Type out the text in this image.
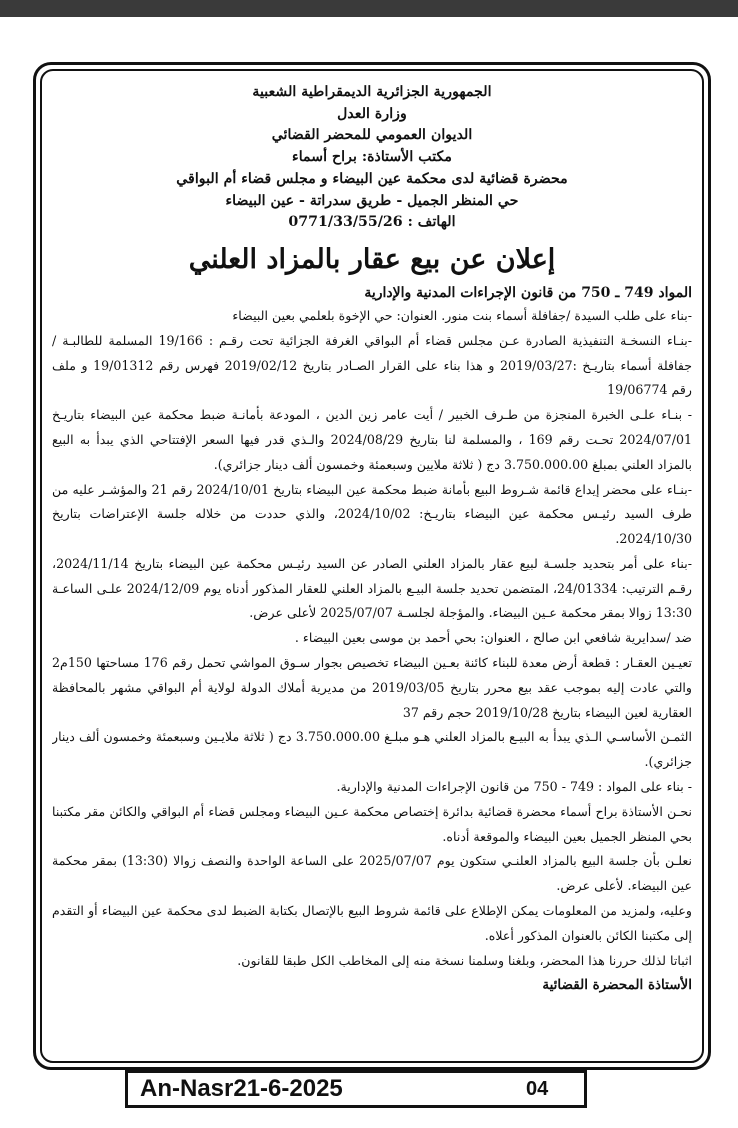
الجمهورية الجزائرية الديمقراطية الشعبية
وزارة العدل
الديوان العمومي للمحضر القضائي
مكتب الأستاذة: براح أسماء
محضرة قضائية لدى محكمة عين البيضاء و مجلس قضاء أم البواقي
حي المنظر الجميل - طريق سدراتة - عين البيضاء
الهاتف : 0771/33/55/26
إعلان عن بيع عقار بالمزاد العلني
المواد 749 ـ 750 من قانون الإجراءات المدنية والإدارية

-بناء على طلب السيدة /جفافلة أسماء بنت منور. العنوان: حي الإخوة بلعلمي بعين البيضاء

-بنـاء النسخـة التنفيذية الصادرة عـن مجلس قضاء أم البواقي الغرفة الجزائية تحت رقـم : 19/166 المسلمة للطالبـة / جفافلة أسماء بتاريـخ :2019/03/27 و هذا بناء على القرار الصـادر بتاريخ 2019/02/12 فهرس رقم 19/01312 و ملف رقم 19/06774

- بنـاء علـى الخبرة المنجزة من طـرف الخبير / أيت عامر زين الدين ، المودعة بأمانـة ضبط محكمة عين البيضاء بتاريـخ 2024/07/01 تحـت رقم 169 ، والمسلمة لنا بتاريخ 2024/08/29 والـذي قدر فيها السعر الإفتتاحي الذي يبدأ به البيع بالمزاد العلني بمبلغ 3.750.000.00 دج ( ثلاثة ملايين وسبعمئة وخمسون ألف دينار جزائري).

-بنـاء على محضر إيداع قائمة شـروط البيع بأمانة ضبط محكمة عين البيضاء بتاريخ 2024/10/01 رقم 21 والمؤشـر عليه من طرف السيد رئيـس محكمة عين البيضاء بتاريـخ: 2024/10/02، والذي حددت من خلاله جلسة الإعتراضات بتاريخ 2024/10/30.

-بناء على أمر بتحديد جلسـة لبيع عقار بالمزاد العلني الصادر عن السيد رئيـس محكمة عين البيضاء بتاريخ 2024/11/14، رقـم الترتيب: 24/01334، المتضمن تحديد جلسة البيـع بالمزاد العلني للعقار المذكور أدناه يوم 2024/12/09 علـى الساعـة 13:30 زوالا بمقر محكمة عـين البيضاء. والمؤجلة لجلسـة 2025/07/07 لأعلى عرض.

ضد /سدايرية شافعي ابن صالح ، العنوان: بحي أحمد بن موسى بعين البيضاء .

تعيـين العقـار : قطعة أرض معدة للبناء كائنة بعـين البيضاء تخصيص بجوار سـوق المواشي تحمل رقم 176 مساحتها 150م2 والتي عادت إليه بموجب عقد بيع محرر بتاريخ 2019/03/05 من مديرية أملاك الدولة لولاية أم البواقي مشهر بالمحافظة العقارية لعين البيضاء بتاريخ 2019/10/28 حجم رقم 37

الثمـن الأساسـي الـذي يبدأ به البيـع بالمزاد العلني هـو مبلـغ 3.750.000.00 دج ( ثلاثة ملايـين وسبعمئة وخمسون ألف دينار جزائري).

- بناء على المواد : 749 - 750 من قانون الإجراءات المدنية والإدارية.

نحـن الأستاذة براح أسماء محضرة قضائية بدائرة إختصاص محكمة عـين البيضاء ومجلس قضاء أم البواقي والكائن مقر مكتبنا بحي المنظر الجميل بعين البيضاء والموقعة أدناه.

نعلـن بأن جلسة البيع بالمزاد العلنـي ستكون يوم 2025/07/07 على الساعة الواحدة والنصف زوالا (13:30) بمقر محكمة عين البيضاء. لأعلى عرض.

وعليه، ولمزيد من المعلومات يمكن الإطلاع على قائمة شروط البيع بالإتصال بكتابة الضبط لدى محكمة عين البيضاء أو التقدم إلى مكتبنا الكائن بالعنوان المذكور أعلاه.

اثباتا لذلك حررنا هذا المحضر، وبلغنا وسلمنا نسخة منه إلى المخاطب الكل طبقا للقانون.

الأستاذة المحضرة القضائية
An-Nasr21-6-2025	04
